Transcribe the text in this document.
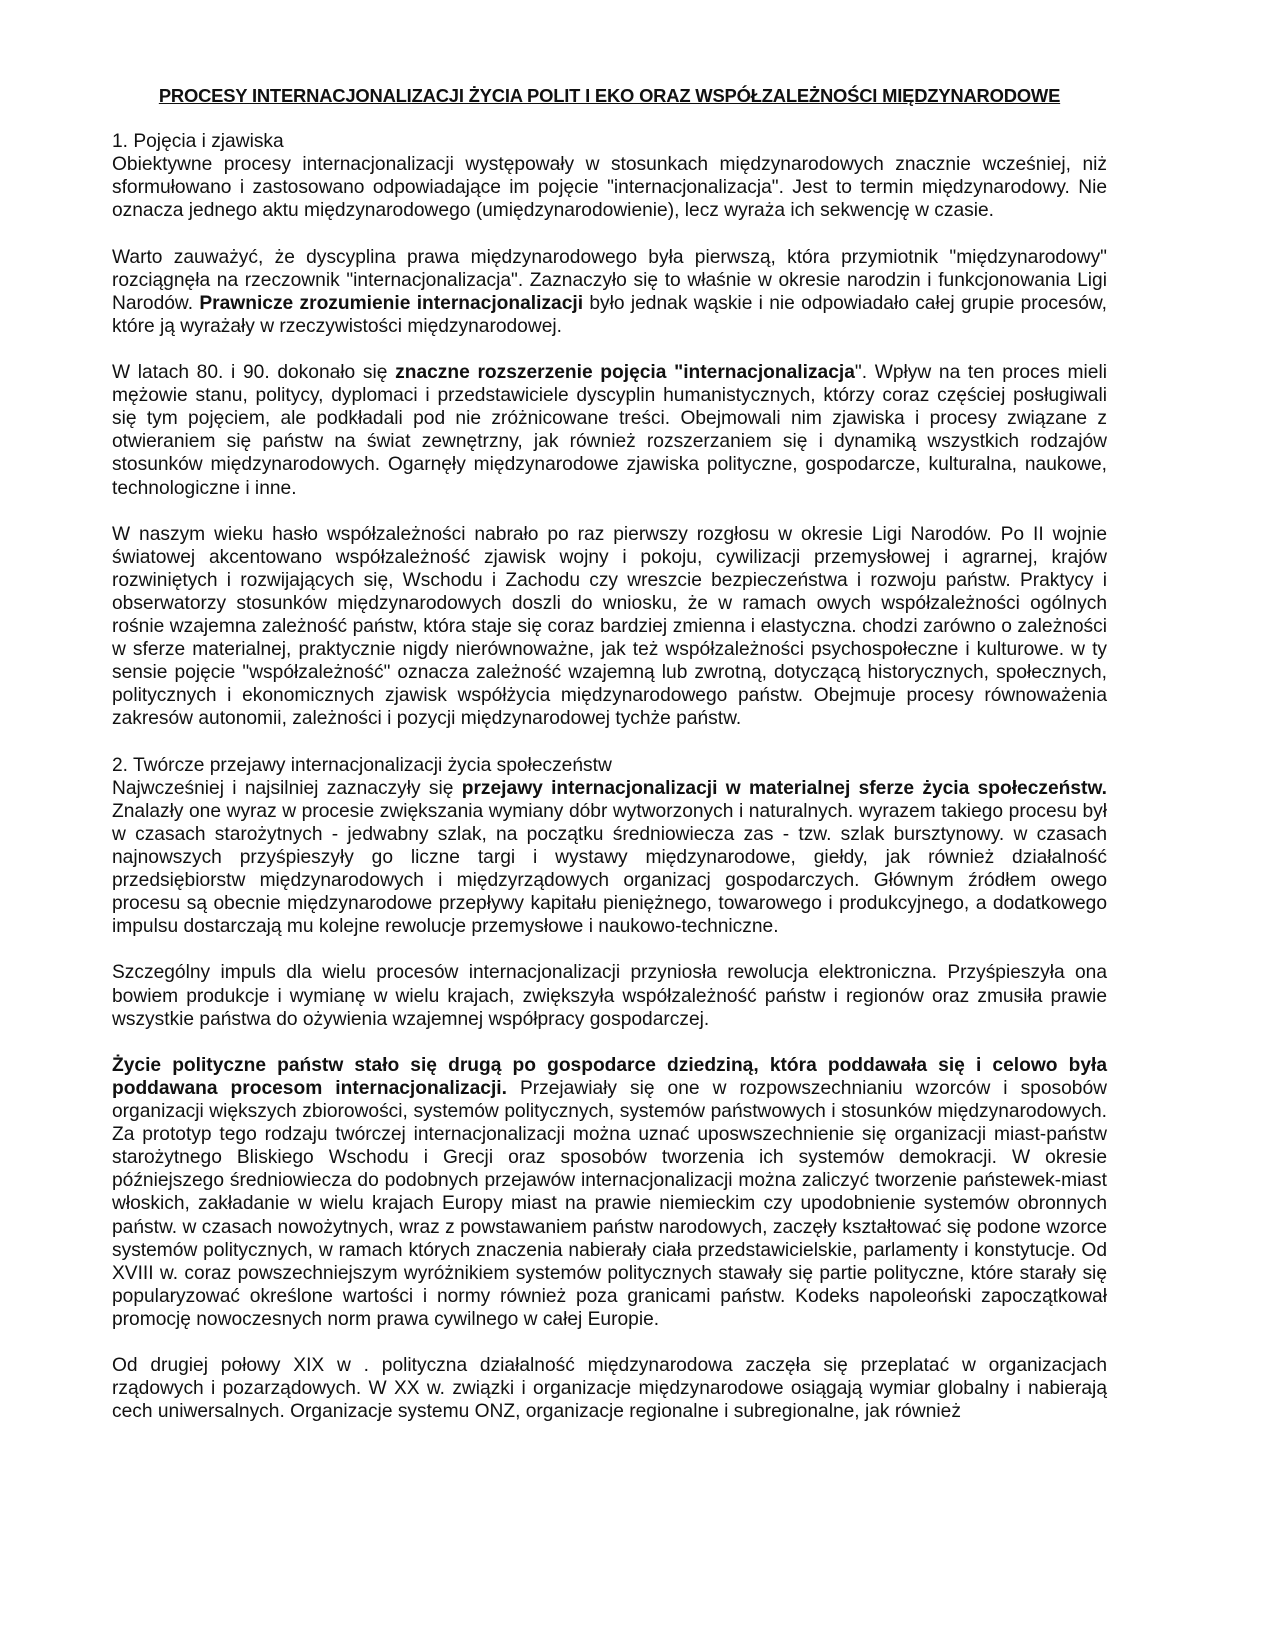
PROCESY INTERNACJONALIZACJI ŻYCIA POLIT I EKO ORAZ WSPÓŁZALEŻNOŚCI MIĘDZYNARODOWE
1. Pojęcia i zjawiska

Obiektywne procesy internacjonalizacji występowały w stosunkach międzynarodowych znacznie wcześniej, niż sformułowano i zastosowano odpowiadające im pojęcie "internacjonalizacja". Jest to termin międzynarodowy. Nie oznacza jednego aktu międzynarodowego (umiędzynarodowienie), lecz wyraża ich sekwencję w czasie.

Warto zauważyć, że dyscyplina prawa międzynarodowego była pierwszą, która przymiotnik "międzynarodowy" rozciągnęła na rzeczownik "internacjonalizacja". Zaznaczyło się to właśnie w okresie narodzin i funkcjonowania Ligi Narodów. Prawnicze zrozumienie internacjonalizacji było jednak wąskie i nie odpowiadało całej grupie procesów, które ją wyrażały w rzeczywistości międzynarodowej.

W latach 80. i 90. dokonało się znaczne rozszerzenie pojęcia "internacjonalizacja". Wpływ na ten proces mieli mężowie stanu, politycy, dyplomaci i przedstawiciele dyscyplin humanistycznych, którzy coraz częściej posługiwali się tym pojęciem, ale podkładali pod nie zróżnicowane treści. Obejmowali nim zjawiska i procesy związane z otwieraniem się państw na świat zewnętrzny, jak również rozszerzaniem się i dynamiką wszystkich rodzajów stosunków międzynarodowych. Ogarnęły międzynarodowe zjawiska polityczne, gospodarcze, kulturalna, naukowe, technologiczne i inne.

W naszym wieku hasło współzależności nabrało po raz pierwszy rozgłosu w okresie Ligi Narodów. Po II wojnie światowej akcentowano współzależność zjawisk wojny i pokoju, cywilizacji przemysłowej i agrarnej, krajów rozwiniętych i rozwijających się, Wschodu i Zachodu czy wreszcie bezpieczeństwa i rozwoju państw. Praktycy i obserwatorzy stosunków międzynarodowych doszli do wniosku, że w ramach owych współzależności ogólnych rośnie wzajemna zależność państw, która staje się coraz bardziej zmienna i elastyczna. chodzi zarówno o zależności w sferze materialnej, praktycznie nigdy nierównoważne, jak też współzależności psychospołeczne i kulturowe. w ty sensie pojęcie "współzależność" oznacza zależność wzajemną lub zwrotną, dotyczącą historycznych, społecznych, politycznych i ekonomicznych zjawisk współżycia międzynarodowego państw. Obejmuje procesy równoważenia zakresów autonomii, zależności i pozycji międzynarodowej tychże państw.

2. Twórcze przejawy internacjonalizacji życia społeczeństw

Najwcześniej i najsilniej zaznaczyły się przejawy internacjonalizacji w materialnej sferze życia społeczeństw. Znalazły one wyraz w procesie zwiększania wymiany dóbr wytworzonych i naturalnych. wyrazem takiego procesu był w czasach starożytnych - jedwabny szlak, na początku średniowiecza zas - tzw. szlak bursztynowy. w czasach najnowszych przyśpieszyły go liczne targi i wystawy międzynarodowe, giełdy, jak również działalność przedsiębiorstw międzynarodowych i międzyrządowych organizacj gospodarczych. Głównym źródłem owego procesu są obecnie międzynarodowe przepływy kapitału pieniężnego, towarowego i produkcyjnego, a dodatkowego impulsu dostarczają mu kolejne rewolucje przemysłowe i naukowo-techniczne.

Szczególny impuls dla wielu procesów internacjonalizacji przyniosła rewolucja elektroniczna. Przyśpieszyła ona bowiem produkcje i wymianę w wielu krajach, zwiększyła współzależność państw i regionów oraz zmusiła prawie wszystkie państwa do ożywienia wzajemnej współpracy gospodarczej.

Życie polityczne państw stało się drugą po gospodarce dziedziną, która poddawała się i celowo była poddawana procesom internacjonalizacji. Przejawiały się one w rozpowszechnianiu wzorców i sposobów organizacji większych zbiorowości, systemów politycznych, systemów państwowych i stosunków międzynarodowych. Za prototyp tego rodzaju twórczej internacjonalizacji można uznać uposwszechnienie się organizacji miast-państw starożytnego Bliskiego Wschodu i Grecji oraz sposobów tworzenia ich systemów demokracji. W okresie późniejszego średniowiecza do podobnych przejawów internacjonalizacji można zaliczyć tworzenie państewek-miast włoskich, zakładanie w wielu krajach Europy miast na prawie niemieckim czy upodobnienie systemów obronnych państw. w czasach nowożytnych, wraz z powstawaniem państw narodowych, zaczęły kształtować się podone wzorce systemów politycznych, w ramach których znaczenia nabierały ciała przedstawicielskie, parlamenty i konstytucje. Od XVIII w. coraz powszechniejszym wyróżnikiem systemów politycznych stawały się partie polityczne, które starały się popularyzować określone wartości i normy również poza granicami państw. Kodeks napoleoński zapoczątkował promocję nowoczesnych norm prawa cywilnego w całej Europie.

Od drugiej połowy XIX w . polityczna działalność międzynarodowa zaczęła się przeplatać w organizacjach rządowych i pozarządowych. W XX w. związki i organizacje międzynarodowe osiągają wymiar globalny i nabierają cech uniwersalnych. Organizacje systemu ONZ, organizacje regionalne i subregionalne, jak również
